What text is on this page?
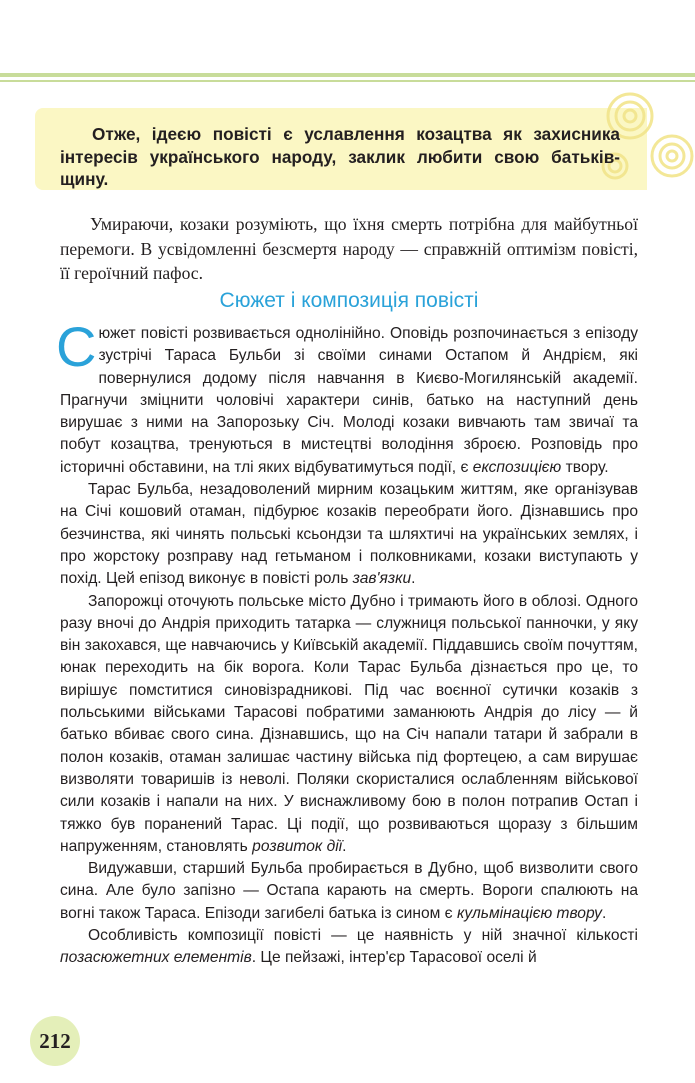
Отже, ідеєю повісті є уславлення козацтва як захисника інтересів українського народу, заклик любити свою батьків-щину.

Умираючи, козаки розуміють, що їхня смерть потрібна для майбутньої перемоги. В усвідомленні безсмертя народу — справжній оптимізм повісті, її героїчний пафос.

Сюжет і композиція повісті

Сюжет повісті розвивається однолінійно. Оповідь розпочинається з епізоду зустрічі Тараса Бульби зі своїми синами Остапом й Андрієм, які повернулися додому після навчання в Києво-Могилянській академії. Прагнучи зміцнити чоловічі характери синів, батько на наступний день вирушає з ними на Запорозьку Січ. Молоді козаки вивчають там звичаї та побут козацтва, тренуються в мистецтві володіння зброєю. Розповідь про історичні обставини, на тлі яких відбуватимуться події, є експозицією твору.

Тарас Бульба, незадоволений мирним козацьким життям, яке організував на Січі кошовий отаман, підбурює козаків переобрати його. Дізнавшись про безчинства, які чинять польські ксьондзи та шляхтичі на українських землях, і про жорстоку розправу над гетьманом і полковниками, козаки виступають у похід. Цей епізод виконує в повісті роль зав'язки.

Запорожці оточують польське місто Дубно і тримають його в облозі. Одного разу вночі до Андрія приходить татарка — служниця польської панночки, у яку він закохався, ще навчаючись у Київській академії. Піддавшись своїм почуттям, юнак переходить на бік ворога. Коли Тарас Бульба дізнається про це, то вирішує помститися синовізрадникові. Під час воєнної сутички козаків з польськими військами Тарасові побратими заманюють Андрія до лісу — й батько вбиває свого сина. Дізнавшись, що на Січ напали татари й забрали в полон козаків, отаман залишає частину війська під фортецею, а сам вирушає визволяти товаришів із неволі. Поляки скористалися ослабленням військової сили козаків і напали на них. У виснажливому бою в полон потрапив Остап і тяжко був поранений Тарас. Ці події, що розвиваються щоразу з більшим напруженням, становлять розвиток дії.

Видужавши, старший Бульба пробирається в Дубно, щоб визволити свого сина. Але було запізно — Остапа карають на смерть. Вороги спалюють на вогні також Тараса. Епізоди загибелі батька із сином є кульмінацією твору.

Особливість композиції повісті — це наявність у ній значної кількості позасюжетних елементів. Це пейзажі, інтер'єр Тарасової оселі й

212
